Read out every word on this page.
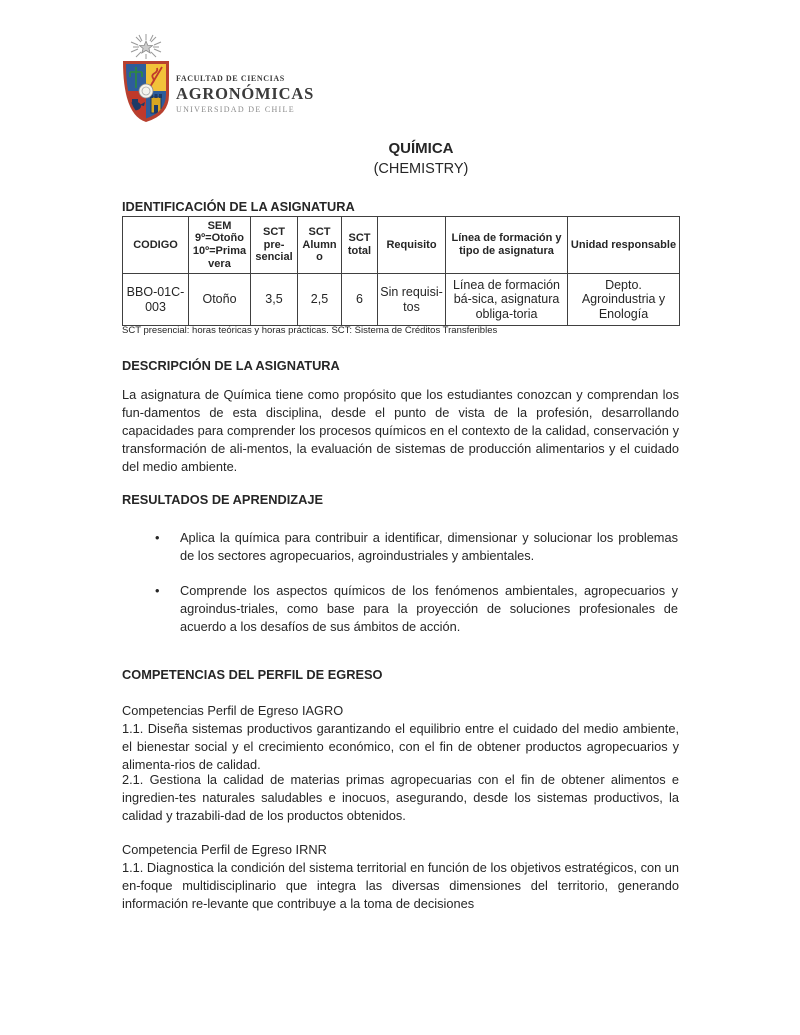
FACULTAD DE CIENCIAS
AGRONÓMICAS
UNIVERSIDAD DE CHILE
QUÍMICA
(CHEMISTRY)
IDENTIFICACIÓN DE LA ASIGNATURA
CODIGO	SEM 9º=Otoño 10º=Primavera	SCT pre-sencial	SCT Alumno	SCT total	Requisito	Línea de formación y tipo de asignatura	Unidad responsable
BBO-01C-003	Otoño	3,5	2,5	6	Sin requisi-tos	Línea de formación bá-sica, asignatura obliga-toria	Depto. Agroindustria y Enología
SCT presencial: horas teóricas y horas prácticas. SCT: Sistema de Créditos Transferibles
DESCRIPCIÓN DE LA ASIGNATURA
La asignatura de Química tiene como propósito que los estudiantes conozcan y comprendan los fun-damentos de esta disciplina, desde el punto de vista de la profesión, desarrollando capacidades para comprender los procesos químicos en el contexto de la calidad, conservación y transformación de ali-mentos, la evaluación de sistemas de producción alimentarios y el cuidado del medio ambiente.
RESULTADOS DE APRENDIZAJE
• Aplica la química para contribuir a identificar, dimensionar y solucionar los problemas de los sectores agropecuarios, agroindustriales y ambientales.
• Comprende los aspectos químicos de los fenómenos ambientales, agropecuarios y agroindus-triales, como base para la proyección de soluciones profesionales de acuerdo a los desafíos de sus ámbitos de acción.
COMPETENCIAS DEL PERFIL DE EGRESO
Competencias Perfil de Egreso IAGRO
1.1. Diseña sistemas productivos garantizando el equilibrio entre el cuidado del medio ambiente, el bienestar social y el crecimiento económico, con el fin de obtener productos agropecuarios y alimenta-rios de calidad.
2.1. Gestiona la calidad de materias primas agropecuarias con el fin de obtener alimentos e ingredien-tes naturales saludables e inocuos, asegurando, desde los sistemas productivos, la calidad y trazabili-dad de los productos obtenidos.
Competencia Perfil de Egreso IRNR
1.1. Diagnostica la condición del sistema territorial en función de los objetivos estratégicos, con un en-foque multidisciplinario que integra las diversas dimensiones del territorio, generando información re-levante que contribuye a la toma de decisiones
